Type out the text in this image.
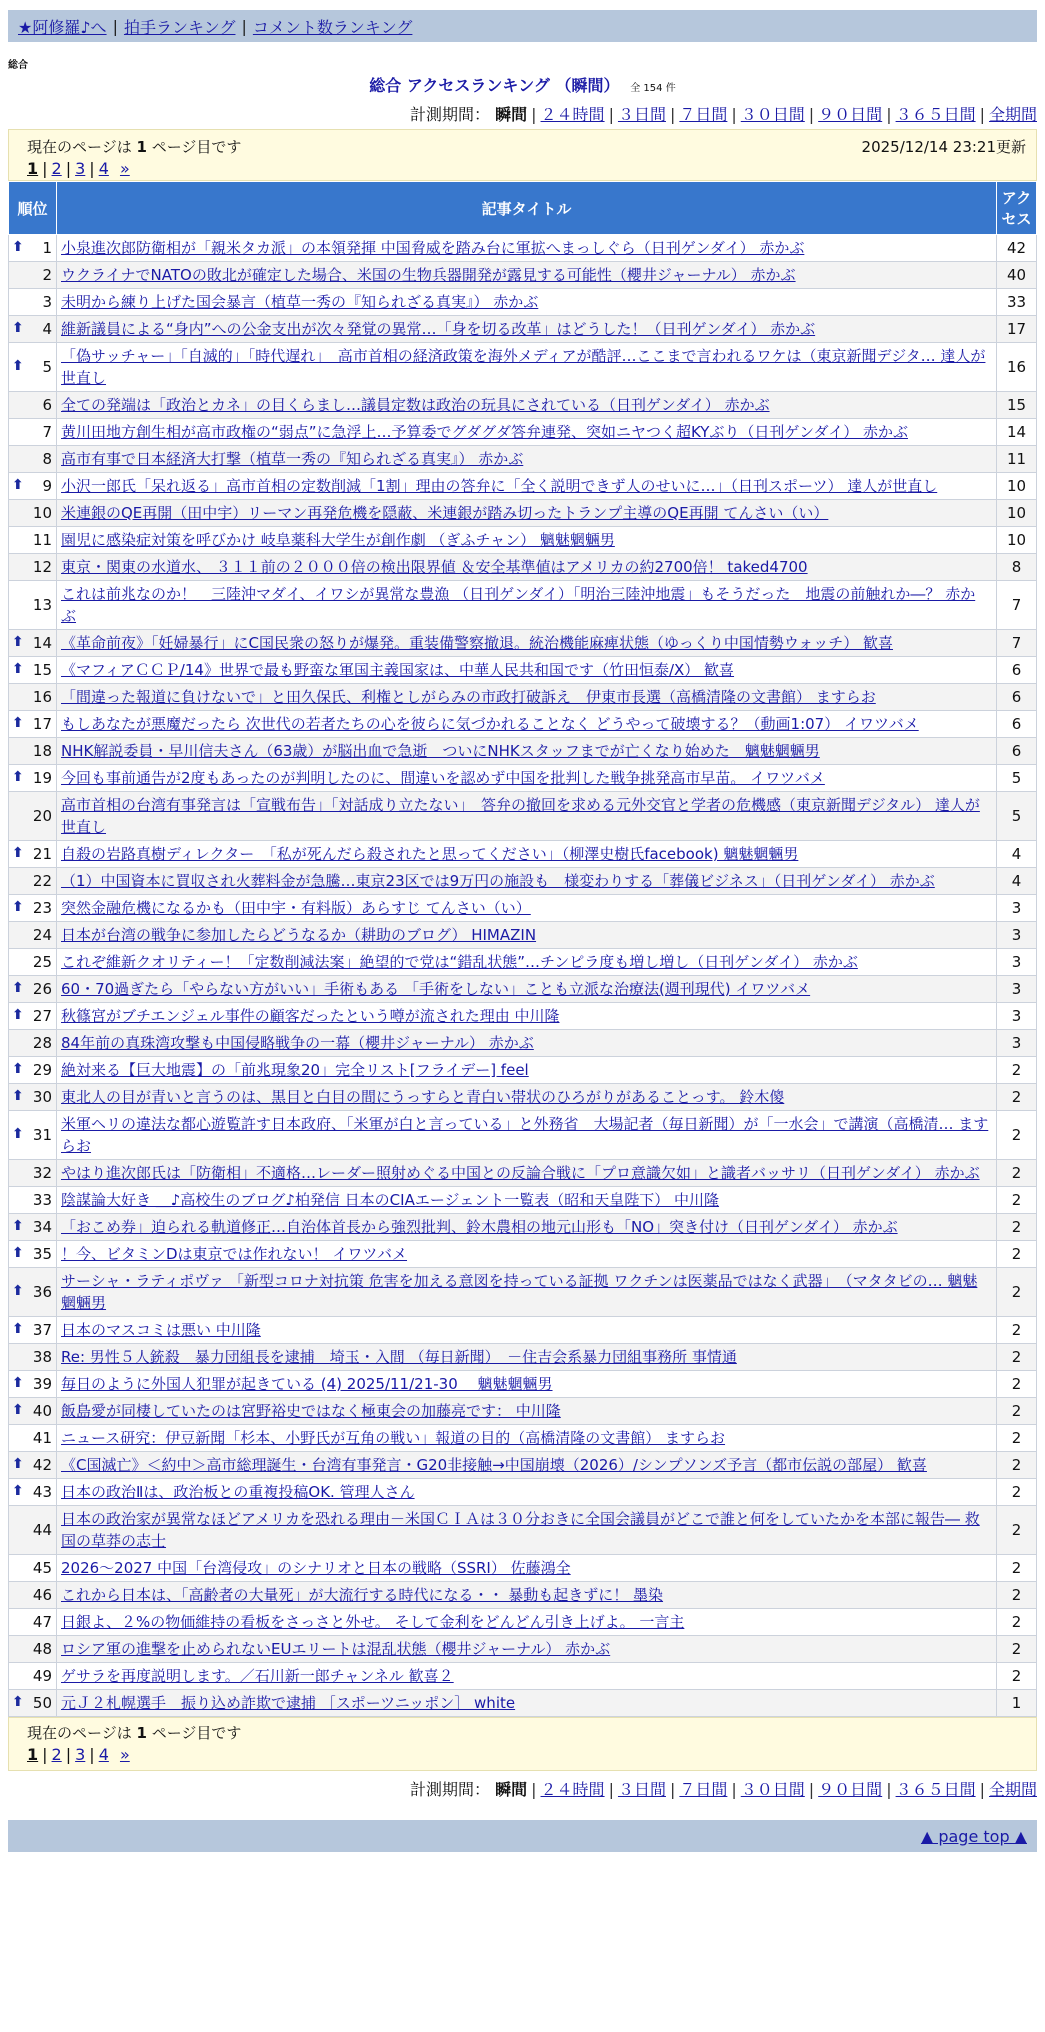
★阿修羅♪へ | 拍手ランキング | コメント数ランキング
総合
総合 アクセスランキング （瞬間） 全 154 件
計測期間： 瞬間 | ２４時間 | ３日間 | ７日間 | ３０日間 | ９０日間 | ３６５日間 | 全期間
現在のページは 1 ページ目です	2025/12/14 23:21更新
1 | 2 | 3 | 4 »
順位	記事タイトル	アクセス

⬆ 1	小泉進次郎防衛相が「親米タカ派」の本領発揮 中国脅威を踏み台に軍拡へまっしぐら（日刊ゲンダイ） 赤かぶ	42
2	ウクライナでNATOの敗北が確定した場合、米国の生物兵器開発が露見する可能性（櫻井ジャーナル） 赤かぶ	40
3	未明から練り上げた国会暴言（植草一秀の『知られざる真実』） 赤かぶ	33

⬆ 4	維新議員による“身内”への公金支出が次々発覚の異常…「身を切る改革」はどうした！（日刊ゲンダイ） 赤かぶ	17

⬆ 5	「偽サッチャー」「自滅的」「時代遅れ」　高市首相の経済政策を海外メディアが酷評…ここまで言われるワケは（東京新聞デジタ… 達人が世直し	16
6	全ての発端は「政治とカネ」の目くらまし…議員定数は政治の玩具にされている（日刊ゲンダイ） 赤かぶ	15
7	黄川田地方創生相が高市政権の“弱点”に急浮上…予算委でグダグダ答弁連発、突如ニヤつく超KYぶり（日刊ゲンダイ） 赤かぶ	14
8	高市有事で日本経済大打撃（植草一秀の『知られざる真実』） 赤かぶ	11

⬆ 9	小沢一郎氏「呆れ返る」高市首相の定数削減「1割」理由の答弁に「全く説明できず人のせいに…」（日刊スポーツ） 達人が世直し	10
10	米連銀のQE再開（田中宇）リーマン再発危機を隠蔽、米連銀が踏み切ったトランプ主導のQE再開 てんさい（い）	10
11	園児に感染症対策を呼びかけ 岐阜薬科大学生が創作劇 （ぎふチャン） 魑魅魍魎男	10
12	東京・関東の水道水、 ３１１前の２０００倍の検出限界値 ＆安全基準値はアメリカの約2700倍！ taked4700	8
13	これは前兆なのか！　三陸沖マダイ、イワシが異常な豊漁 （日刊ゲンダイ）「明治三陸沖地震」もそうだった　地震の前触れか―？ 赤かぶ	7

⬆ 14	《革命前夜》「妊婦暴行」にC国民衆の怒りが爆発。重装備警察撤退。統治機能麻痺状態（ゆっくり中国情勢ウォッチ） 歓喜	7

⬆ 15	《マフィアＣＣＰ/14》世界で最も野蛮な軍国主義国家は、中華人民共和国です（竹田恒泰/X） 歓喜	6
16	「間違った報道に負けないで」と田久保氏、利権としがらみの市政打破訴え　伊東市長選（高橋清隆の文書館） ますらお	6

⬆ 17	もしあなたが悪魔だったら 次世代の若者たちの心を彼らに気づかれることなく どうやって破壊する？（動画1:07） イワツバメ	6
18	NHK解説委員・早川信夫さん（63歳）が脳出血で急逝　ついにNHKスタッフまでが亡くなり始めた　魑魅魍魎男	6

⬆ 19	今回も事前通告が2度もあったのが判明したのに、間違いを認めず中国を批判した戦争挑発高市早苗。 イワツバメ	5
20	高市首相の台湾有事発言は「宣戦布告」「対話成り立たない」　答弁の撤回を求める元外交官と学者の危機感（東京新聞デジタル） 達人が世直し	5

⬆ 21	自殺の岩路真樹ディレクター　「私が死んだら殺されたと思ってください」（柳澤史樹氏facebook) 魑魅魍魎男	4
22	（1）中国資本に買収され火葬料金が急騰…東京23区では9万円の施設も　様変わりする「葬儀ビジネス」（日刊ゲンダイ） 赤かぶ	4

⬆ 23	突然金融危機になるかも（田中宇・有料版）あらすじ てんさい（い）	3
24	日本が台湾の戦争に参加したらどうなるか（耕助のブログ） HIMAZIN	3
25	これぞ維新クオリティー！「定数削減法案」絶望的で党は“錯乱状態”…チンピラ度も増し増し（日刊ゲンダイ） 赤かぶ	3

⬆ 26	60・70過ぎたら「やらない方がいい」手術もある 「手術をしない」ことも立派な治療法(週刊現代) イワツバメ	3

⬆ 27	秋篠宮がブチエンジェル事件の顧客だったという噂が流された理由 中川隆	3
28	84年前の真珠湾攻撃も中国侵略戦争の一幕（櫻井ジャーナル） 赤かぶ	3

⬆ 29	絶対来る【巨大地震】の「前兆現象20」完全リスト[フライデー] feel	2

⬆ 30	東北人の目が青いと言うのは、黒目と白目の間にうっすらと青白い帯状のひろがりがあることっす。 鈴木傻	2

⬆ 31	米軍ヘリの違法な都心遊覧許す日本政府、「米軍が白と言っている」と外務省　大場記者（毎日新聞）が「一水会」で講演（高橋清… ますらお	2
32	やはり進次郎氏は「防衛相」不適格…レーダー照射めぐる中国との反論合戦に「プロ意識欠如」と識者バッサリ（日刊ゲンダイ） 赤かぶ	2
33	陰謀論大好き ＿♪高校生のブログ♪柏発信 日本のCIAエージェント一覧表（昭和天皇陛下） 中川隆	2

⬆ 34	「おこめ券」迫られる軌道修正…自治体首長から強烈批判、鈴木農相の地元山形も「NO」突き付け（日刊ゲンダイ） 赤かぶ	2

⬆ 35	！今、ビタミンDは東京では作れない！ イワツバメ	2

⬆ 36	サーシャ・ラティポヴァ 「新型コロナ対抗策 危害を加える意図を持っている証拠 ワクチンは医薬品ではなく武器」　（マタタビの… 魑魅魍魎男	2

⬆ 37	日本のマスコミは悪い 中川隆	2
38	Re: 男性５人銃殺　暴力団組長を逮捕　埼玉・入間 （毎日新聞）　－住吉会系暴力団組事務所 事情通	2

⬆ 39	毎日のように外国人犯罪が起きている (4) 2025/11/21-30　 魑魅魍魎男	2

⬆ 40	飯島愛が同棲していたのは宮野裕史ではなく極東会の加藤亮です： 中川隆	2
41	ニュース研究：伊豆新聞「杉本、小野氏が互角の戦い」報道の目的（高橋清隆の文書館） ますらお	2

⬆ 42	《C国滅亡》＜約中＞高市総理誕生・台湾有事発言・G20非接触→中国崩壊（2026）/シンプソンズ予言（都市伝説の部屋） 歓喜	2

⬆ 43	日本の政治Ⅱは、政治板との重複投稿OK. 管理人さん	2
44	日本の政治家が異常なほどアメリカを恐れる理由－米国ＣＩＡは３０分おきに全国会議員がどこで誰と何をしていたかを本部に報告― 救国の草莽の志士	2
45	2026～2027 中国「台湾侵攻」のシナリオと日本の戦略（SSRI） 佐藤鴻全	2
46	これから日本は、「高齢者の大量死」が大流行する時代になる・・ 暴動も起きずに！ 墨染	2
47	日銀よ、２%の物価維持の看板をさっさと外せ。 そして金利をどんどん引き上げよ。 一言主	2
48	ロシア軍の進撃を止められないEUエリートは混乱状態（櫻井ジャーナル） 赤かぶ	2
49	ゲサラを再度説明します。／石川新一郎チャンネル 歓喜２	2

⬆ 50	元Ｊ２札幌選手　振り込め詐欺で逮捕 ［スポーツニッポン］ white	1
現在のページは 1 ページ目です
1 | 2 | 3 | 4 »
計測期間： 瞬間 | ２４時間 | ３日間 | ７日間 | ３０日間 | ９０日間 | ３６５日間 | 全期間
▲ page top ▲
